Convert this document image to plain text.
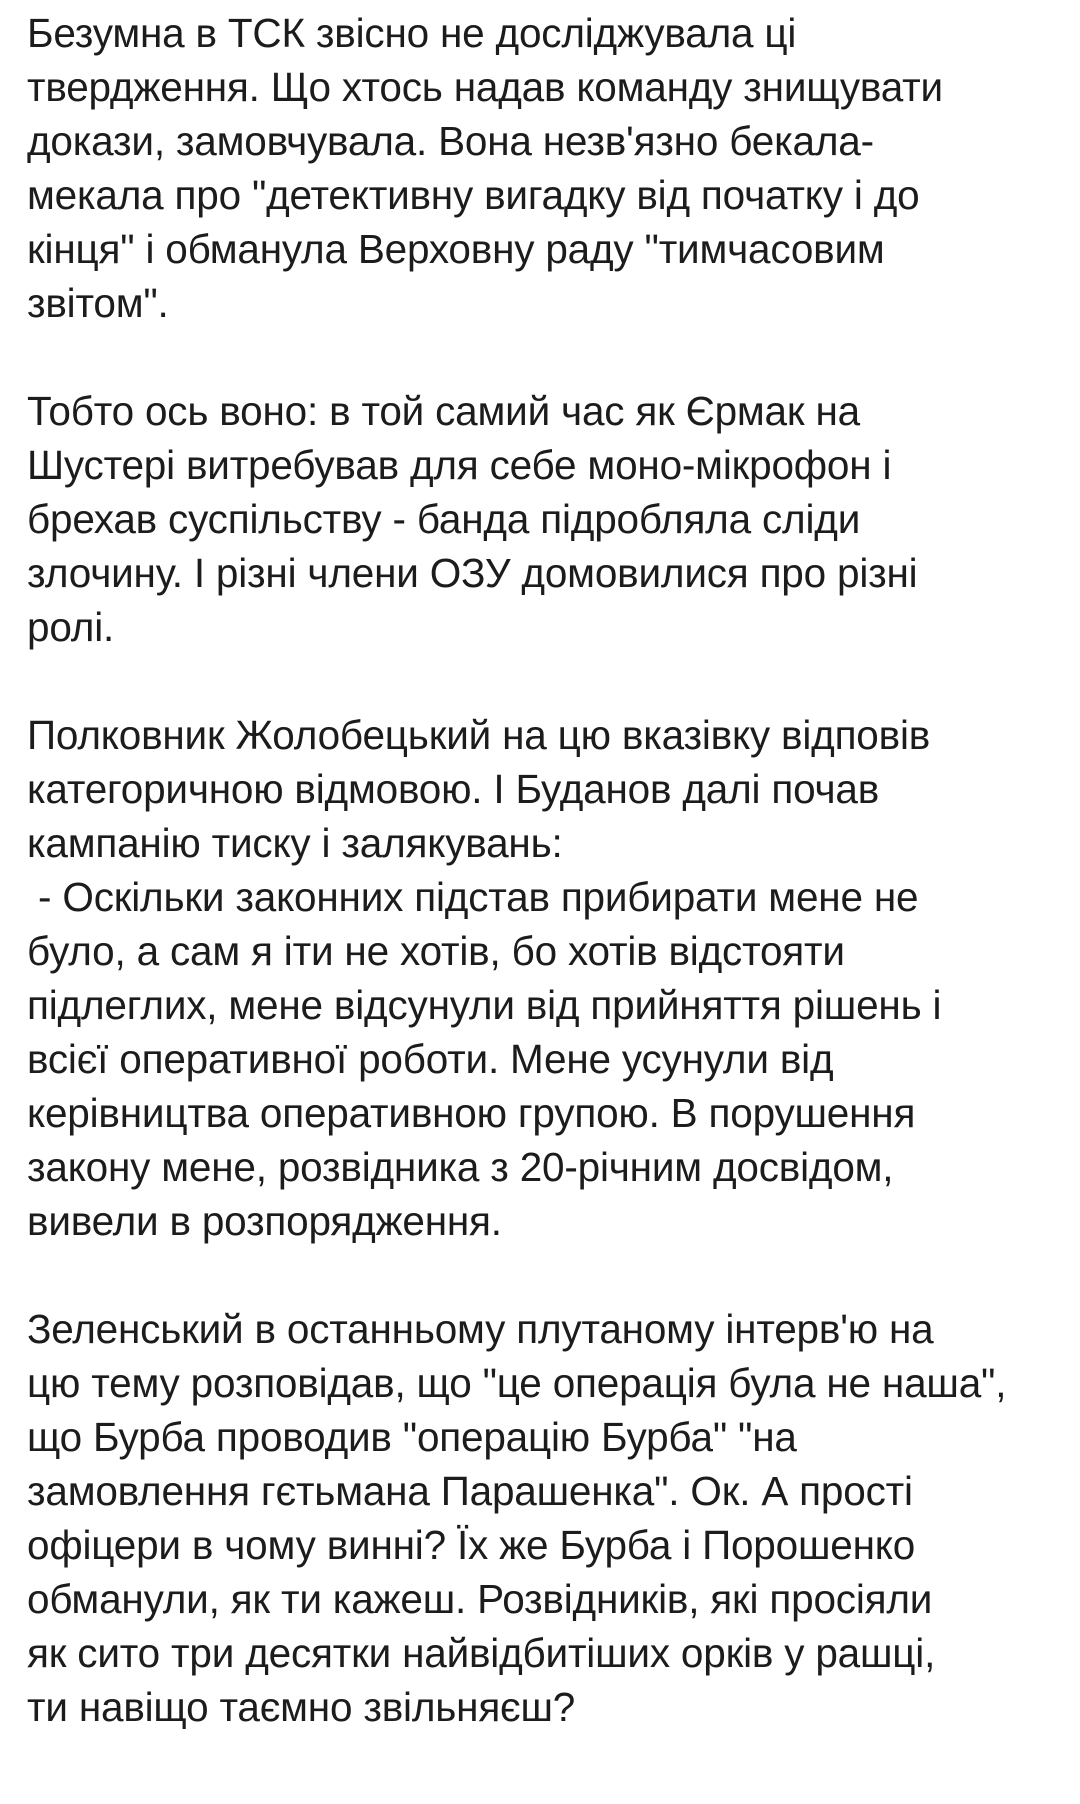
Безумна в ТСК звісно не досліджувала ці
твердження. Що хтось надав команду знищувати
докази, замовчувала. Вона незв'язно бекала-
мекала про "детективну вигадку від початку і до
кінця" і обманула Верховну раду "тимчасовим
звітом".
Тобто ось воно: в той самий час як Єрмак на
Шустері витребував для себе моно-мікрофон і
брехав суспільству - банда підробляла сліди
злочину. І різні члени ОЗУ домовилися про різні
ролі.
Полковник Жолобецький на цю вказівку відповів
категоричною відмовою. І Буданов далі почав
кампанію тиску і залякувань:
- Оскільки законних підстав прибирати мене не
було, а сам я іти не хотів, бо хотів відстояти
підлеглих, мене відсунули від прийняття рішень і
всієї оперативної роботи. Мене усунули від
керівництва оперативною групою. В порушення
закону мене, розвідника з 20-річним досвідом,
вивели в розпорядження.
Зеленський в останньому плутаному інтерв'ю на
цю тему розповідав, що "це операція була не наша",
що Бурба проводив "операцію Бурба" "на
замовлення гєтьмана Парашенка". Ок. А прості
офіцери в чому винні? Їх же Бурба і Порошенко
обманули, як ти кажеш. Розвідників, які просіяли
як сито три десятки найвідбитіших орків у рашці,
ти навіщо таємно звільняєш?
